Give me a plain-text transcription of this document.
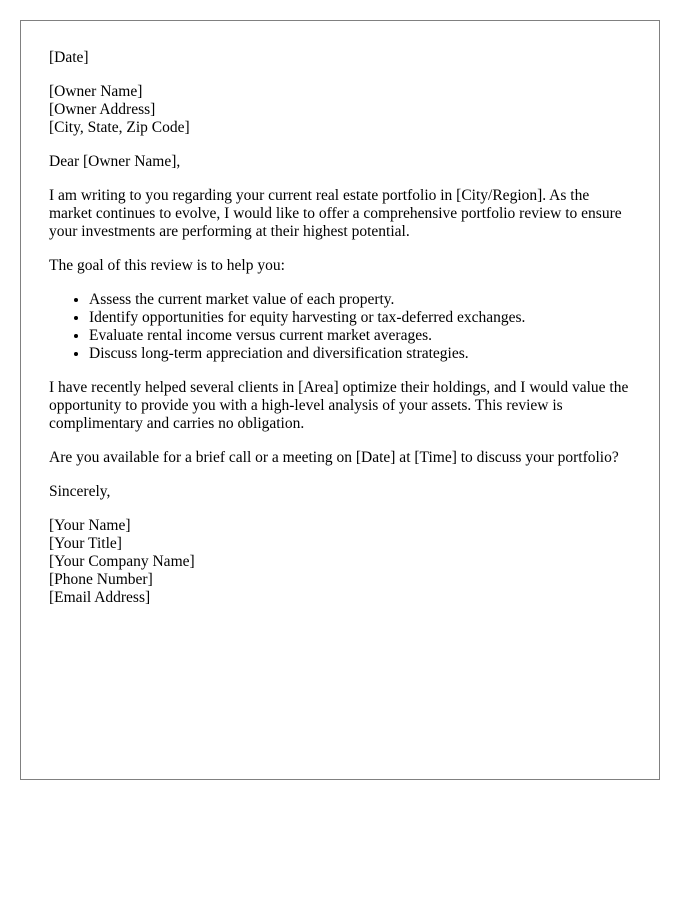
[Date]
[Owner Name]
[Owner Address]
[City, State, Zip Code]

Dear [Owner Name],

I am writing to you regarding your current real estate portfolio in [City/Region]. As the market continues to evolve, I would like to offer a comprehensive portfolio review to ensure your investments are performing at their highest potential.

The goal of this review is to help you:

• Assess the current market value of each property.
• Identify opportunities for equity harvesting or tax-deferred exchanges.
• Evaluate rental income versus current market averages.
• Discuss long-term appreciation and diversification strategies.

I have recently helped several clients in [Area] optimize their holdings, and I would value the opportunity to provide you with a high-level analysis of your assets. This review is complimentary and carries no obligation.

Are you available for a brief call or a meeting on [Date] at [Time] to discuss your portfolio?

Sincerely,

[Your Name]
[Your Title]
[Your Company Name]
[Phone Number]
[Email Address]
